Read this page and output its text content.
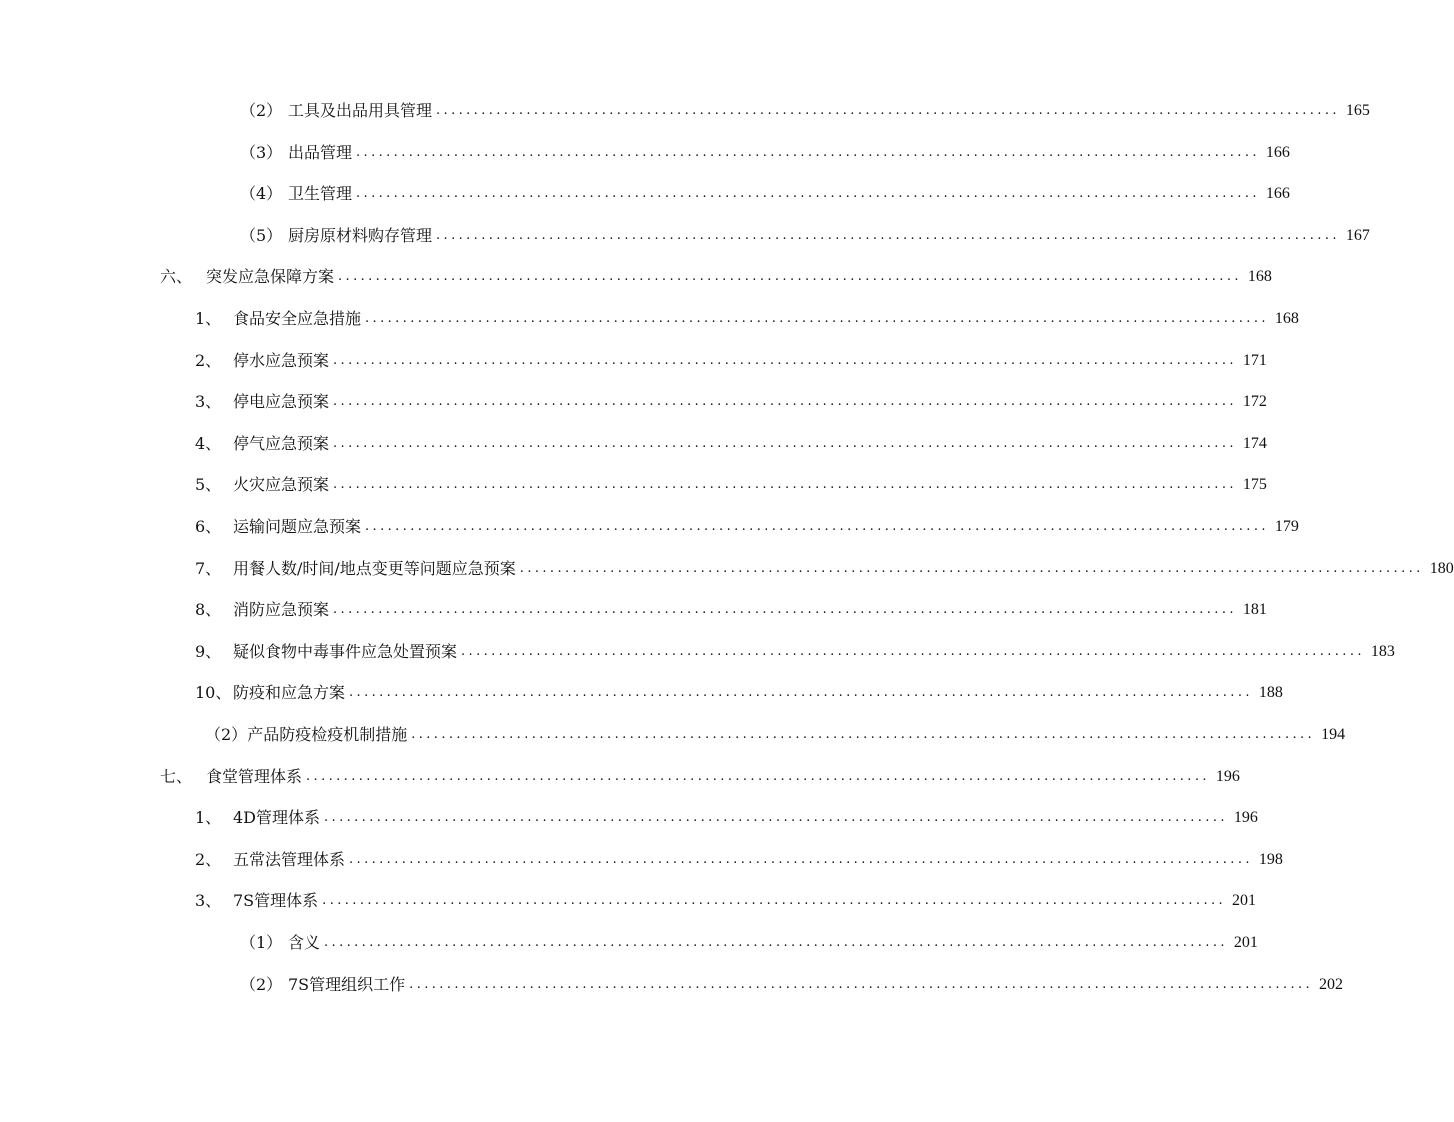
（2） 工具及出品用具管理 ........................................................................................................................ 165
（3） 出品管理 ........................................................................................................................ 166
（4） 卫生管理 ........................................................................................................................ 166
（5） 厨房原材料购存管理 ........................................................................................................................ 167
六、 突发应急保障方案 ........................................................................................................................ 168
1、 食品安全应急措施 ........................................................................................................................ 168
2、 停水应急预案 ........................................................................................................................ 171
3、 停电应急预案 ........................................................................................................................ 172
4、 停气应急预案 ........................................................................................................................ 174
5、 火灾应急预案 ........................................................................................................................ 175
6、 运输问题应急预案 ........................................................................................................................ 179
7、 用餐人数/时间/地点变更等问题应急预案 ........................................................................................................................ 180
8、 消防应急预案 ........................................................................................................................ 181
9、 疑似食物中毒事件应急处置预案 ........................................................................................................................ 183
10、 防疫和应急方案 ........................................................................................................................ 188
（2） 产品防疫检疫机制措施 ........................................................................................................................ 194
七、 食堂管理体系 ........................................................................................................................ 196
1、 4D管理体系 ........................................................................................................................ 196
2、 五常法管理体系 ........................................................................................................................ 198
3、 7S管理体系 ........................................................................................................................ 201
（1） 含义 ........................................................................................................................ 201
（2） 7S管理组织工作 ........................................................................................................................ 202
